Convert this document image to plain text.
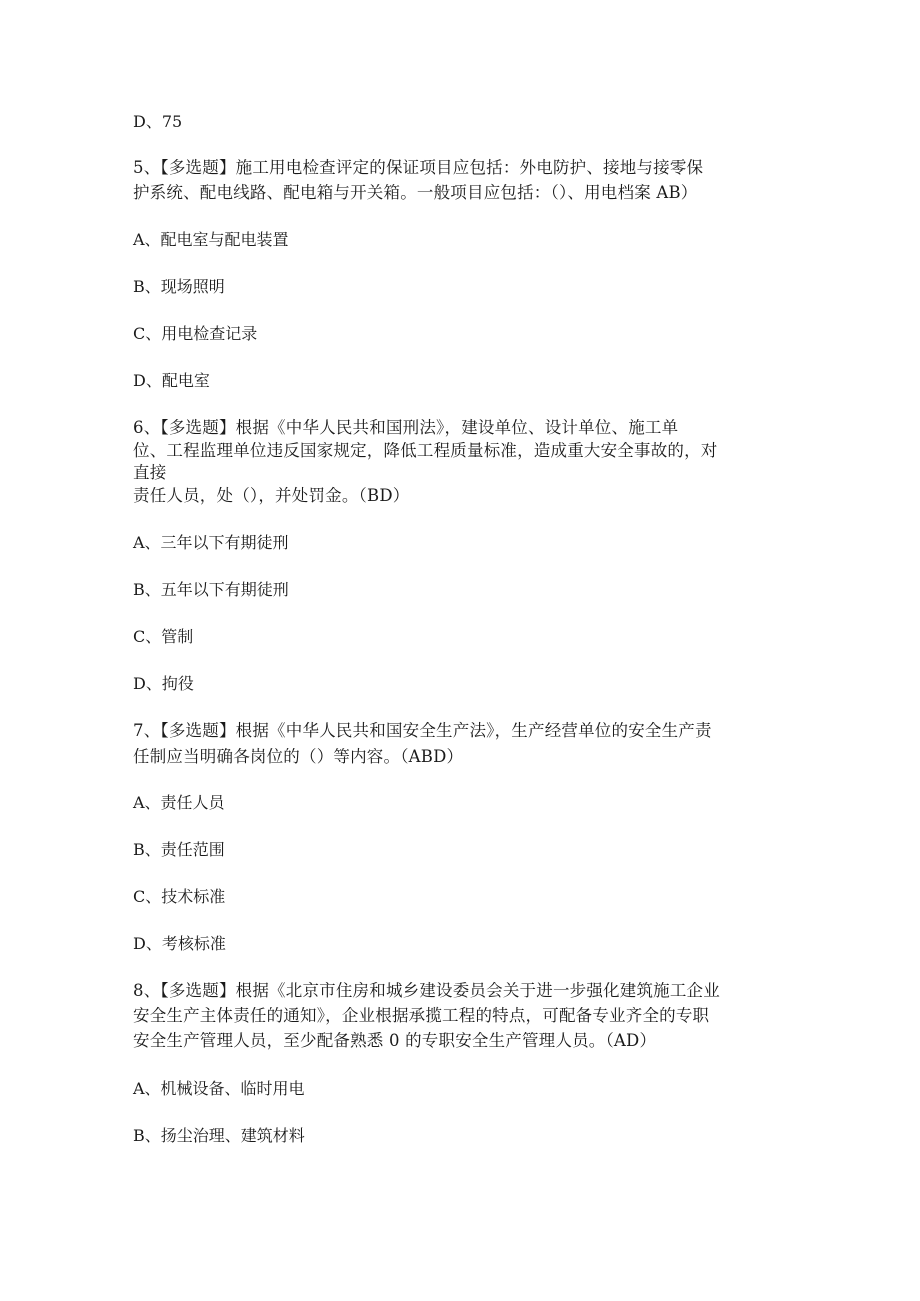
D、75
5、【多选题】施工用电检查评定的保证项目应包括：外电防护、接地与接零保
护系统、配电线路、配电箱与开关箱。一般项目应包括：（）、用电档案 AB）
A、配电室与配电装置
B、现场照明
C、用电检查记录
D、配电室
6、【多选题】根据《中华人民共和国刑法》，建设单位、设计单位、施工单
位、工程监理单位违反国家规定，降低工程质量标准，造成重大安全事故的，对
直接
责任人员，处（），并处罚金。（BD）
A、三年以下有期徒刑
B、五年以下有期徒刑
C、管制
D、拘役
7、【多选题】根据《中华人民共和国安全生产法》，生产经营单位的安全生产责
任制应当明确各岗位的（）等内容。（ABD）
A、责任人员
B、责任范围
C、技术标准
D、考核标准
8、【多选题】根据《北京市住房和城乡建设委员会关于进一步强化建筑施工企业
安全生产主体责任的通知》，企业根据承揽工程的特点，可配备专业齐全的专职
安全生产管理人员，至少配备熟悉 0 的专职安全生产管理人员。（AD）
A、机械设备、临时用电
B、扬尘治理、建筑材料
